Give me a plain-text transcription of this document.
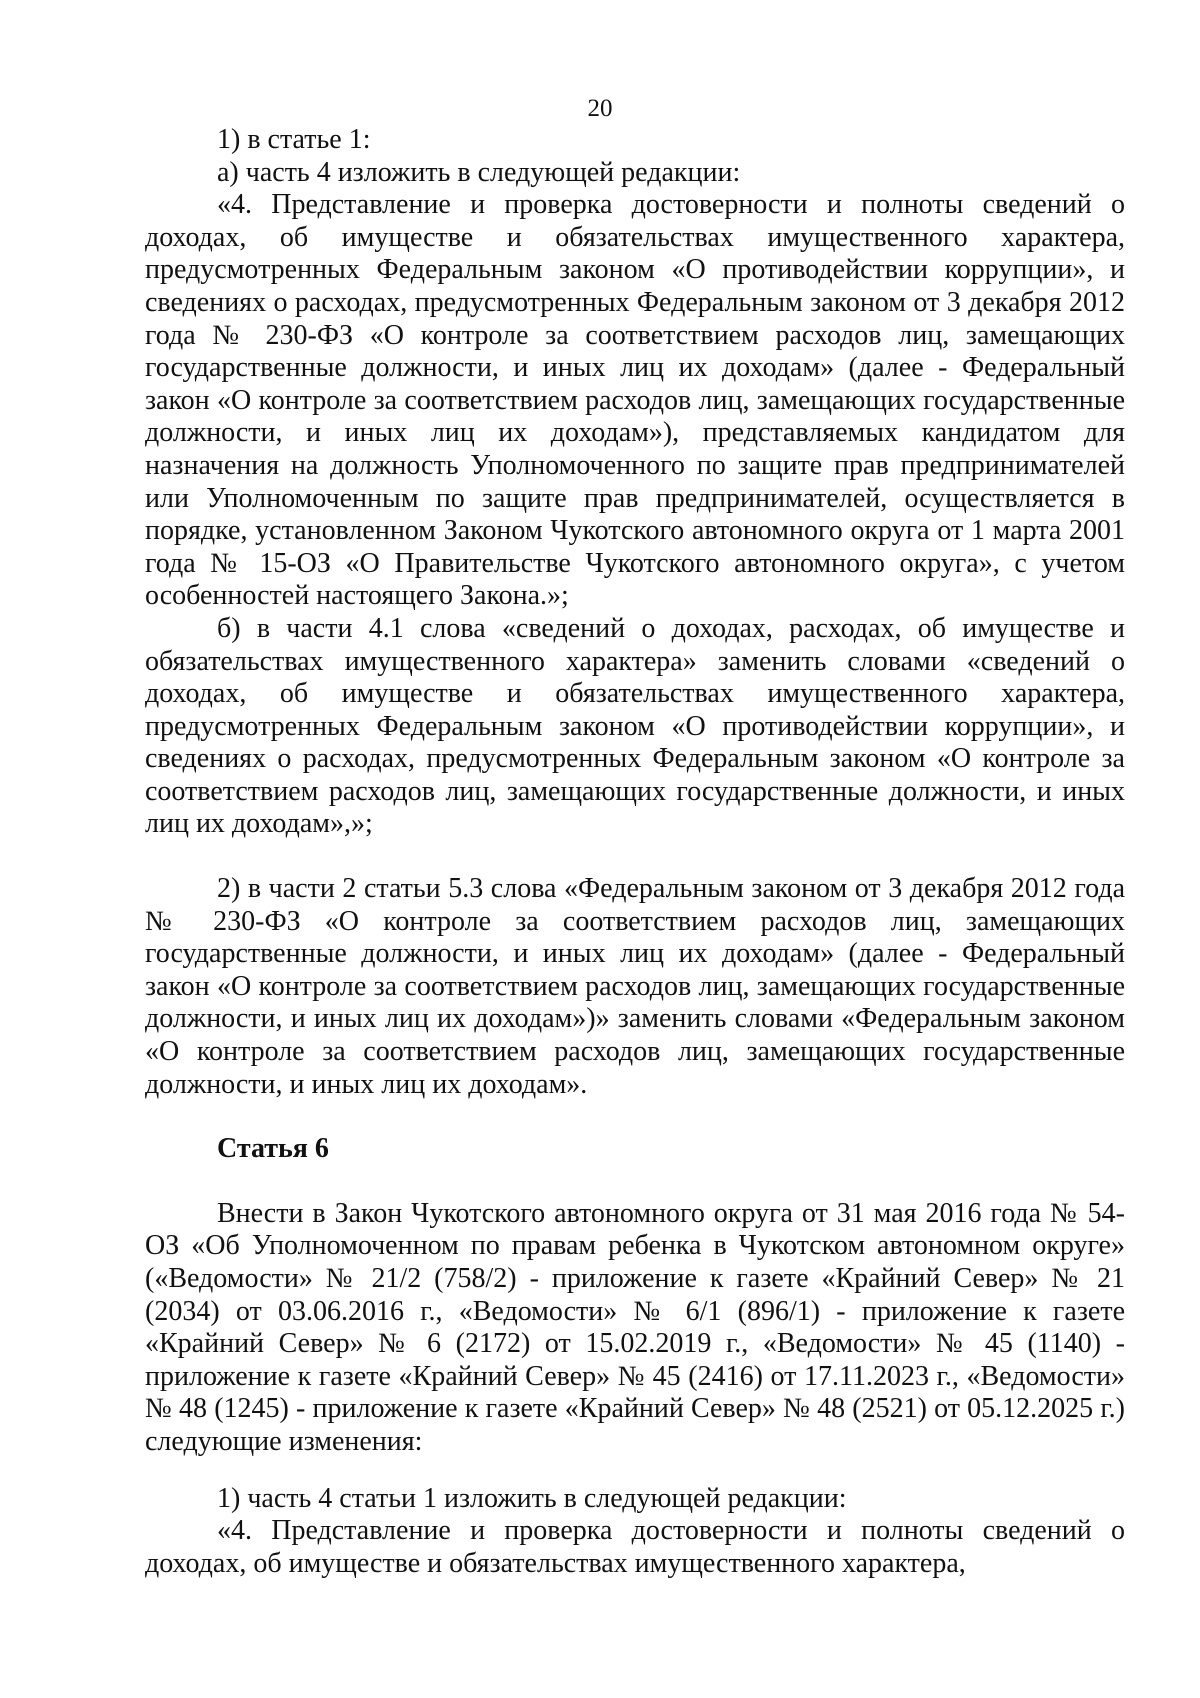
20

1) в статье 1:

а) часть 4 изложить в следующей редакции:

«4. Представление и проверка достоверности и полноты сведений о доходах, об имуществе и обязательствах имущественного характера, предусмотренных Федеральным законом «О противодействии коррупции», и сведениях о расходах, предусмотренных Федеральным законом от 3 декабря 2012 года № 230-ФЗ «О контроле за соответствием расходов лиц, замещающих государственные должности, и иных лиц их доходам» (далее - Федеральный закон «О контроле за соответствием расходов лиц, замещающих государственные должности, и иных лиц их доходам»), представляемых кандидатом для назначения на должность Уполномоченного по защите прав предпринимателей или Уполномоченным по защите прав предпринимателей, осуществляется в порядке, установленном Законом Чукотского автономного округа от 1 марта 2001 года № 15-ОЗ «О Правительстве Чукотского автономного округа», с учетом особенностей настоящего Закона.»;

б) в части 4.1 слова «сведений о доходах, расходах, об имуществе и обязательствах имущественного характера» заменить словами «сведений о доходах, об имуществе и обязательствах имущественного характера, предусмотренных Федеральным законом «О противодействии коррупции», и сведениях о расходах, предусмотренных Федеральным законом «О контроле за соответствием расходов лиц, замещающих государственные должности, и иных лиц их доходам»,»;

2) в части 2 статьи 5.3 слова «Федеральным законом от 3 декабря 2012 года № 230-ФЗ «О контроле за соответствием расходов лиц, замещающих государственные должности, и иных лиц их доходам» (далее - Федеральный закон «О контроле за соответствием расходов лиц, замещающих государственные должности, и иных лиц их доходам»)» заменить словами «Федеральным законом «О контроле за соответствием расходов лиц, замещающих государственные должности, и иных лиц их доходам».

Статья 6

Внести в Закон Чукотского автономного округа от 31 мая 2016 года № 54-ОЗ «Об Уполномоченном по правам ребенка в Чукотском автономном округе» («Ведомости» № 21/2 (758/2) - приложение к газете «Крайний Север» № 21 (2034) от 03.06.2016 г., «Ведомости» № 6/1 (896/1) - приложение к газете «Крайний Север» № 6 (2172) от 15.02.2019 г., «Ведомости» № 45 (1140) - приложение к газете «Крайний Север» № 45 (2416) от 17.11.2023 г., «Ведомости» № 48 (1245) - приложение к газете «Крайний Север» № 48 (2521) от 05.12.2025 г.) следующие изменения:

1) часть 4 статьи 1 изложить в следующей редакции:

«4. Представление и проверка достоверности и полноты сведений о доходах, об имуществе и обязательствах имущественного характера,
